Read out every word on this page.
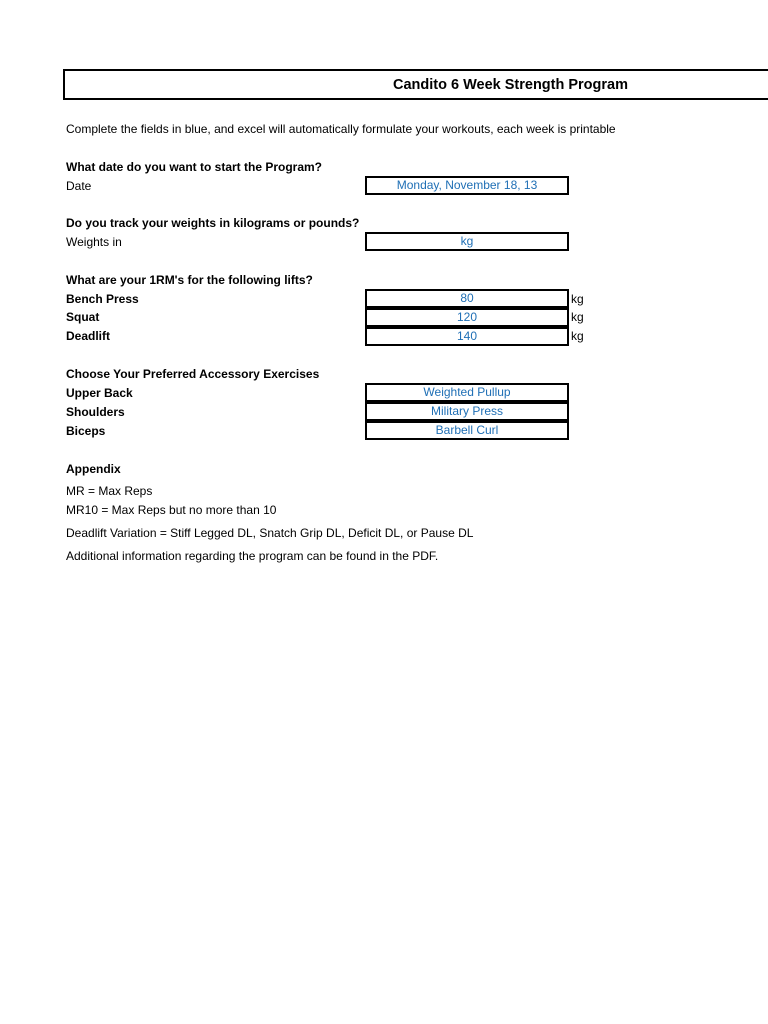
Candito 6 Week Strength Program
Complete the fields in blue, and excel will automatically formulate your workouts, each week is printable
What date do you want to start the Program?
Date	Monday, November 18, 13
Do you track your weights in kilograms or pounds?
Weights in	kg
What are your 1RM's for the following lifts?
Bench Press	80	kg
Squat	120	kg
Deadlift	140	kg
Choose Your Preferred Accessory Exercises
Upper Back	Weighted Pullup
Shoulders	Military Press
Biceps	Barbell Curl
Appendix
MR = Max Reps
MR10 = Max Reps but no more than 10
Deadlift Variation = Stiff Legged DL, Snatch Grip DL, Deficit DL, or Pause DL
Additional information regarding the program can be found in the PDF.
